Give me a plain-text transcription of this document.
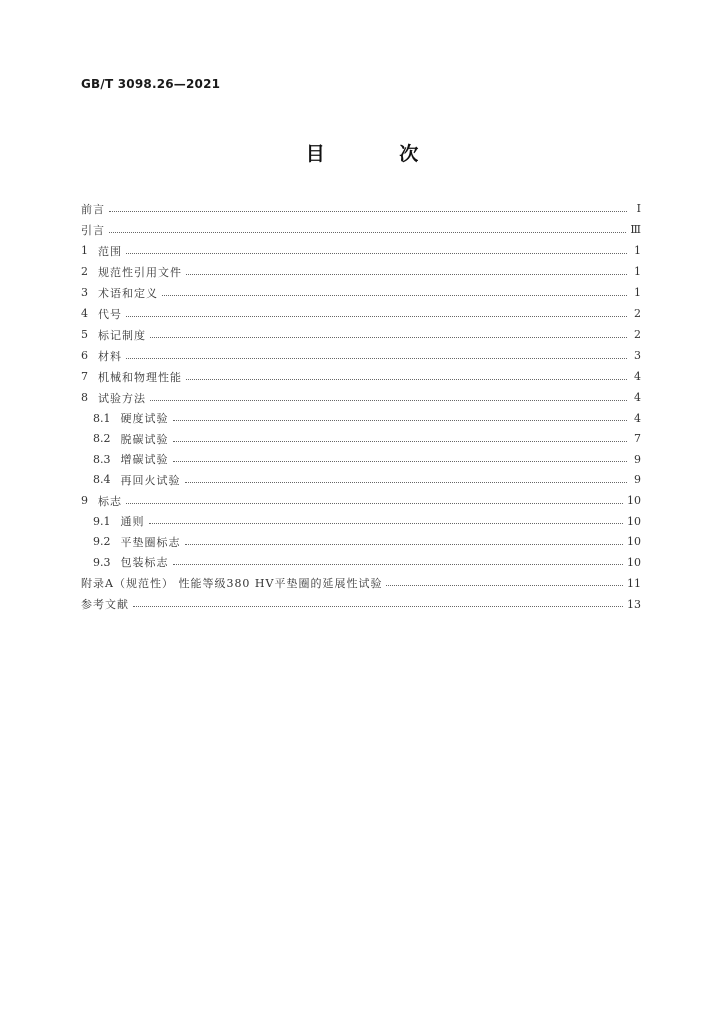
GB/T 3098.26—2021
目 次
前言	Ⅰ
引言	Ⅲ
1 范围	1
2 规范性引用文件	1
3 术语和定义	1
4 代号	2
5 标记制度	2
6 材料	3
7 机械和物理性能	4
8 试验方法	4
8.1 硬度试验	4
8.2 脱碳试验	7
8.3 增碳试验	9
8.4 再回火试验	9
9 标志	10
9.1 通则	10
9.2 平垫圈标志	10
9.3 包装标志	10
附录A（规范性） 性能等级380 HV平垫圈的延展性试验	11
参考文献	13
